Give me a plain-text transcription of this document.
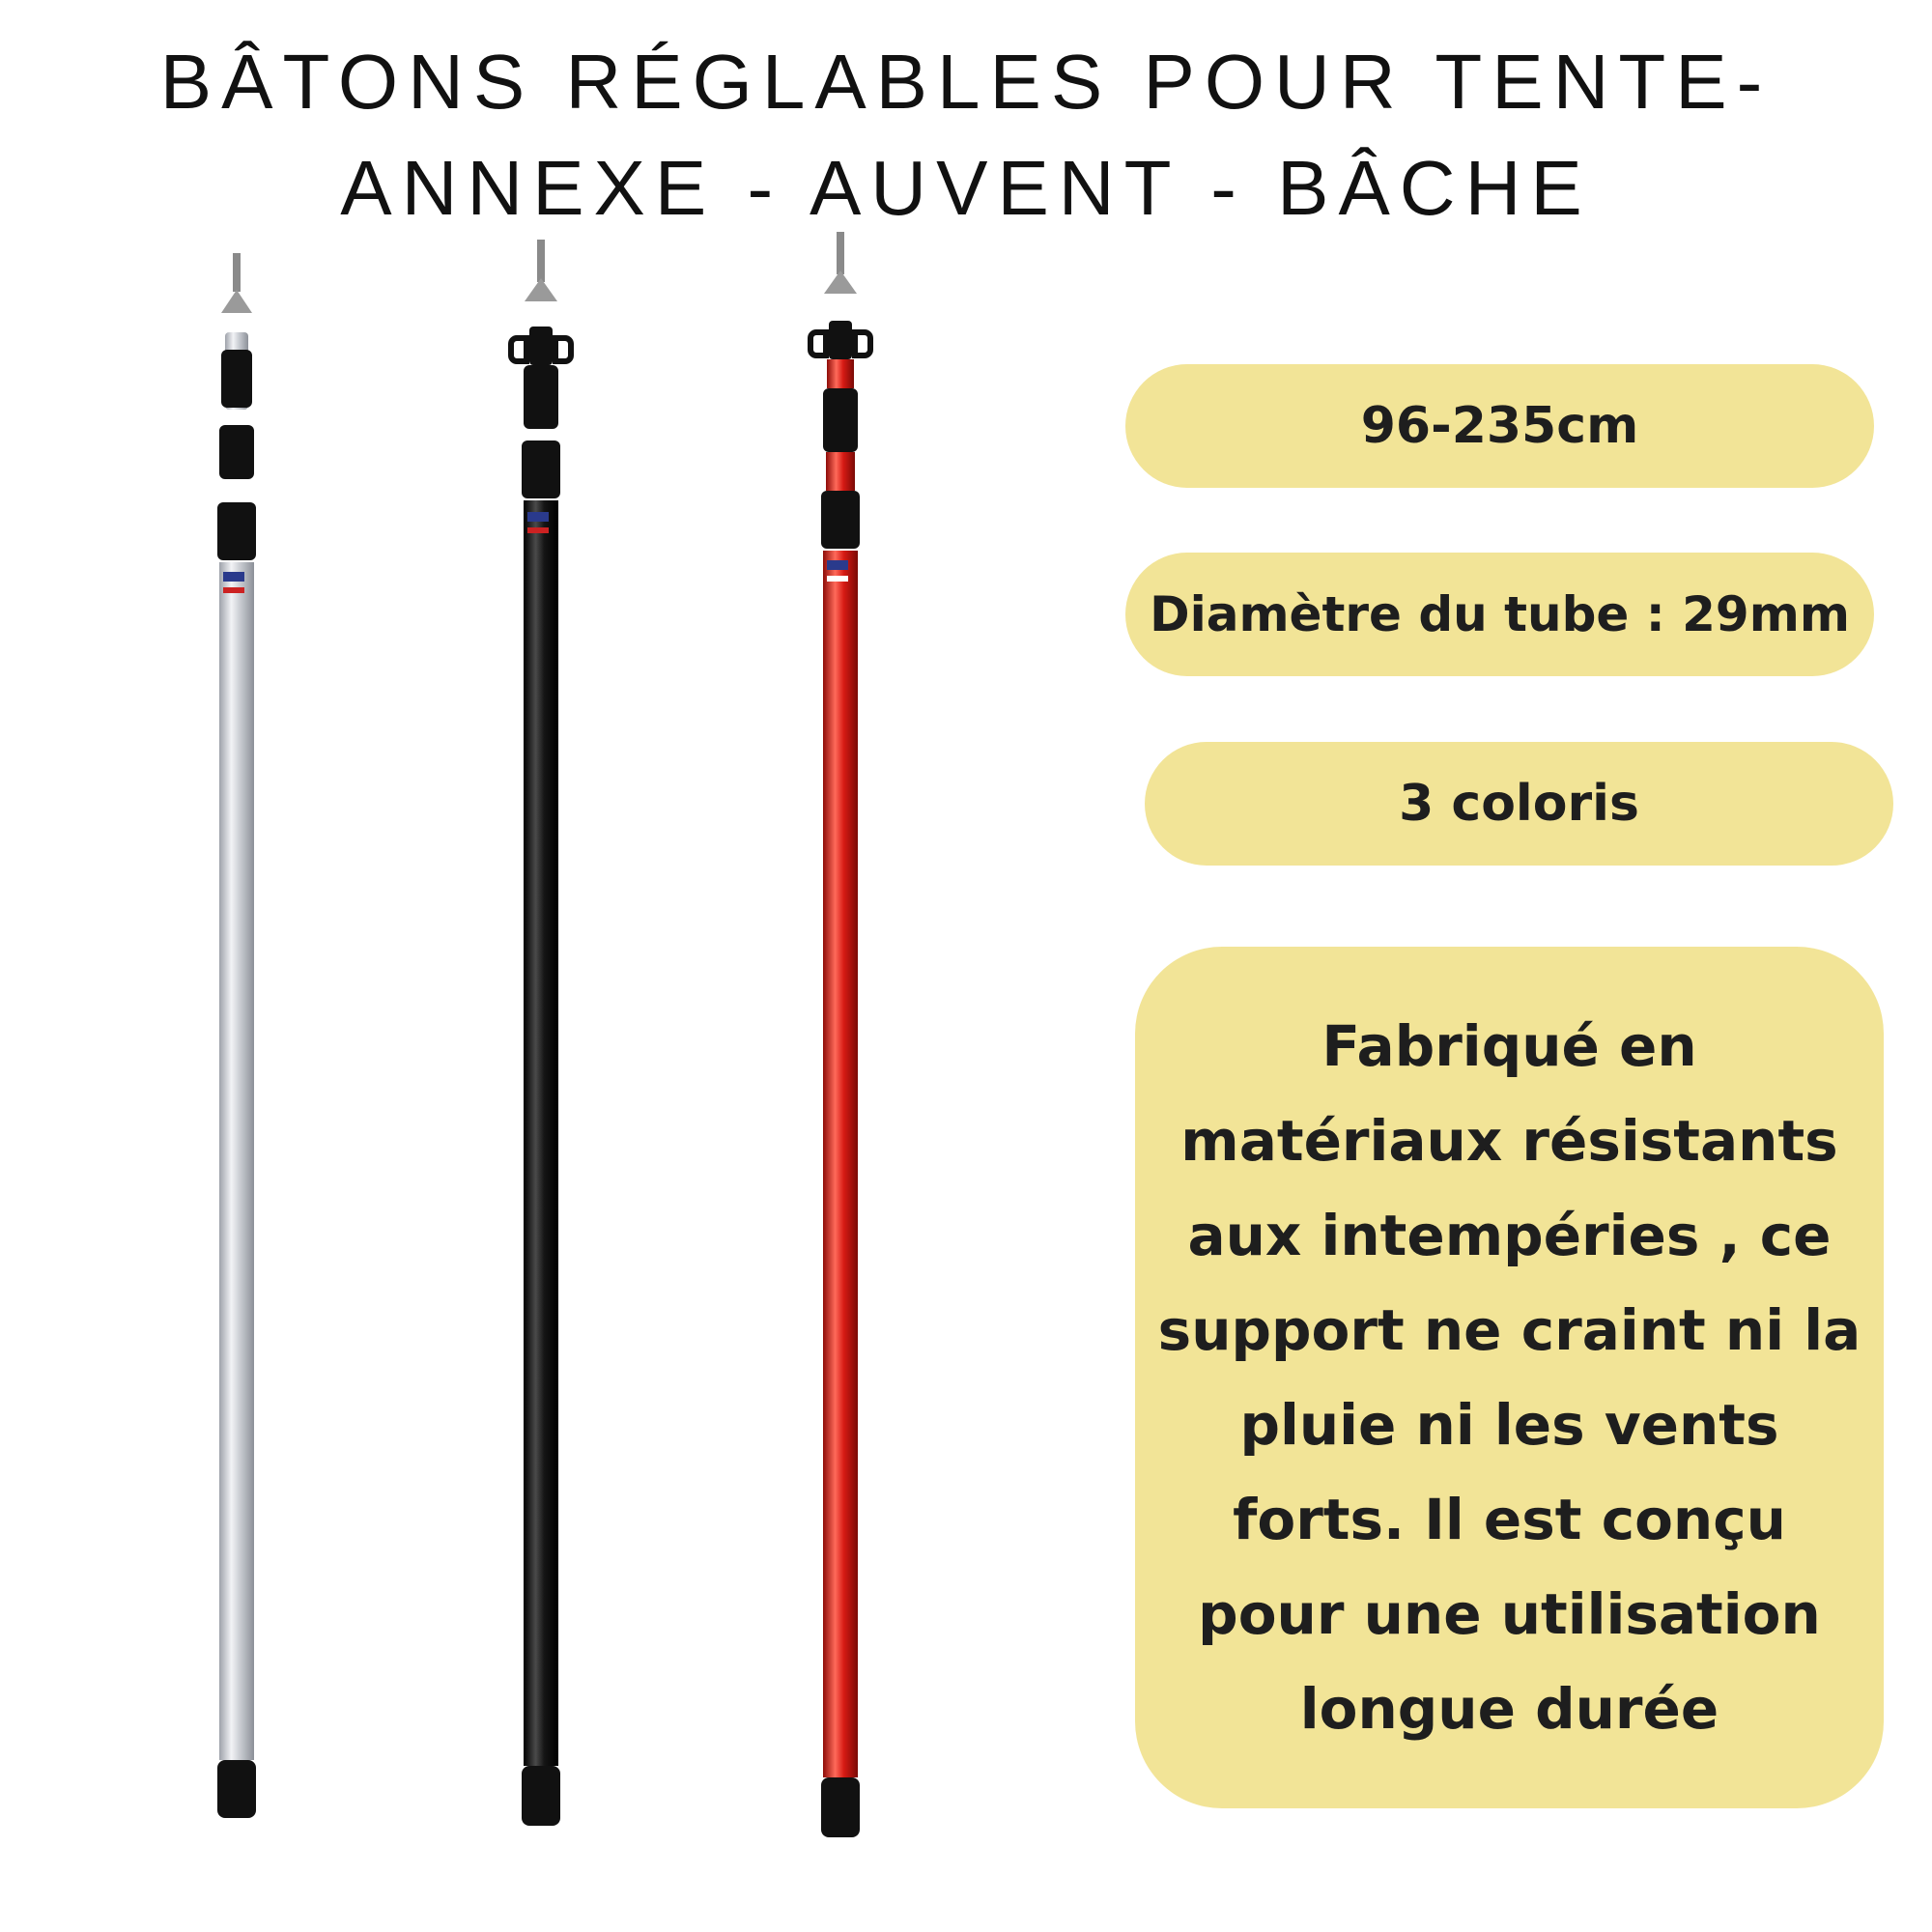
BÂTONS RÉGLABLES POUR TENTE-
ANNEXE - AUVENT - BÂCHE
96-235cm
Diamètre du tube : 29mm
3 coloris
Fabriqué en
matériaux résistants
aux intempéries , ce
support ne craint ni la
pluie ni les vents
forts. Il est conçu
pour une utilisation
longue durée
